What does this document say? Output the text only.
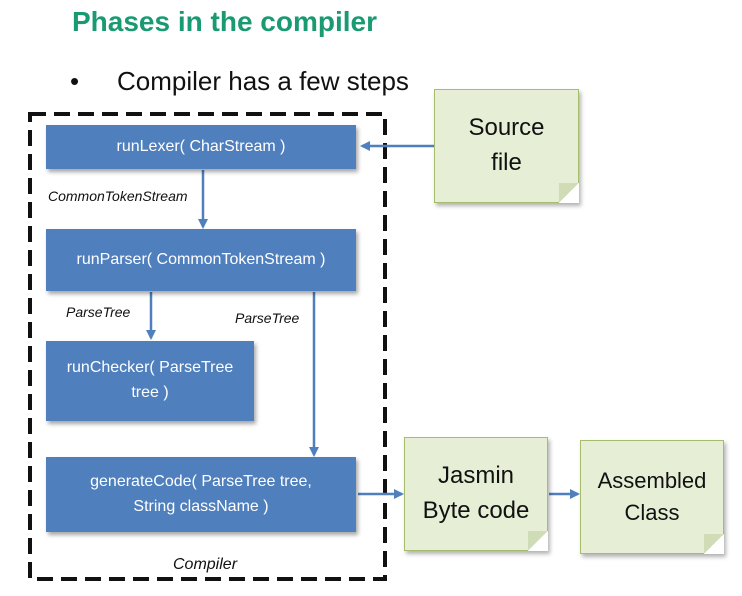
Phases in the compiler
• Compiler has a few steps
runLexer( CharStream )
runParser( CommonTokenStream )
runChecker( ParseTree tree )
generateCode( ParseTree tree,
String className )
CommonTokenStream
ParseTree	ParseTree
Compiler
Source
file
Jasmin
Byte code
Assembled
Class
